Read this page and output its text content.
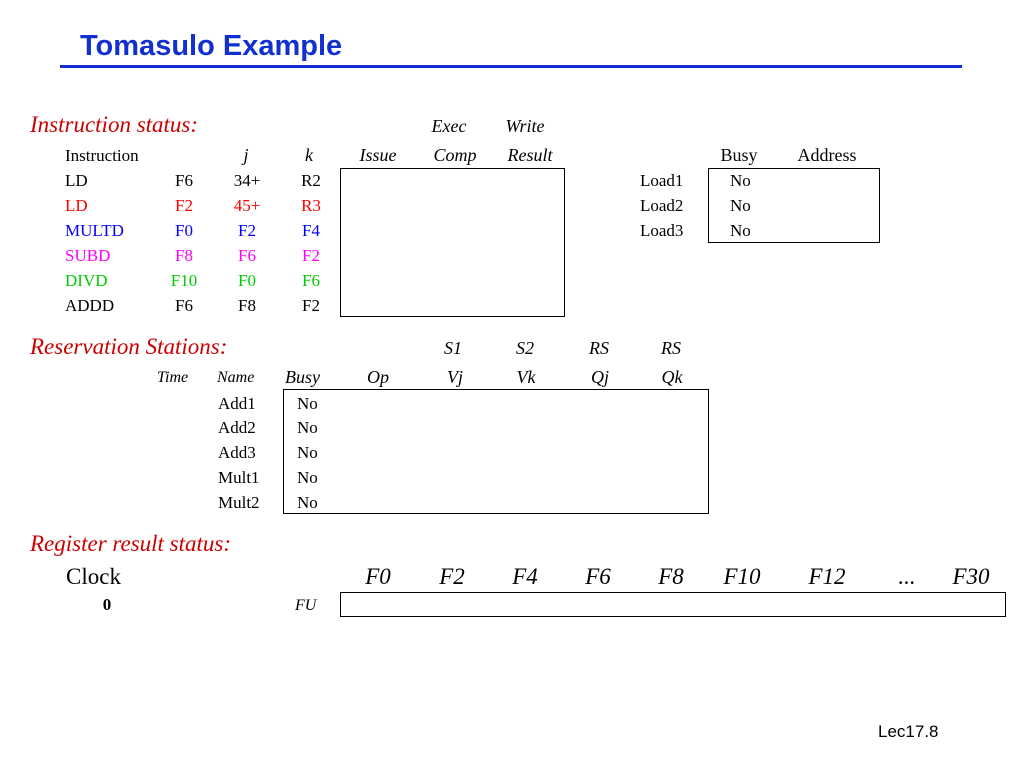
Tomasulo Example
Instruction status:	Exec Write
Instruction	j	k	Issue Comp Result
LD	F6 34+ R2
LD	F2 45+ R3
MULTD	F0	F2	F4
SUBD	F8	F6	F2
DIVD	F10 F0	F6
ADDD	F6	F8	F2
Busy Address
Load1	No
Load2	No
Load3	No
Reservation Stations:	S1	S2	RS	RS
Time Name Busy	Op	Vj	Vk	Qj	Qk
Add1 No
Add2 No
Add3 No
Mult1 No
Mult2 No
Register result status:
Clock
0	FU
F0 F2 F4 F6 F8 F10 F12 ... F30
Lec17.8
